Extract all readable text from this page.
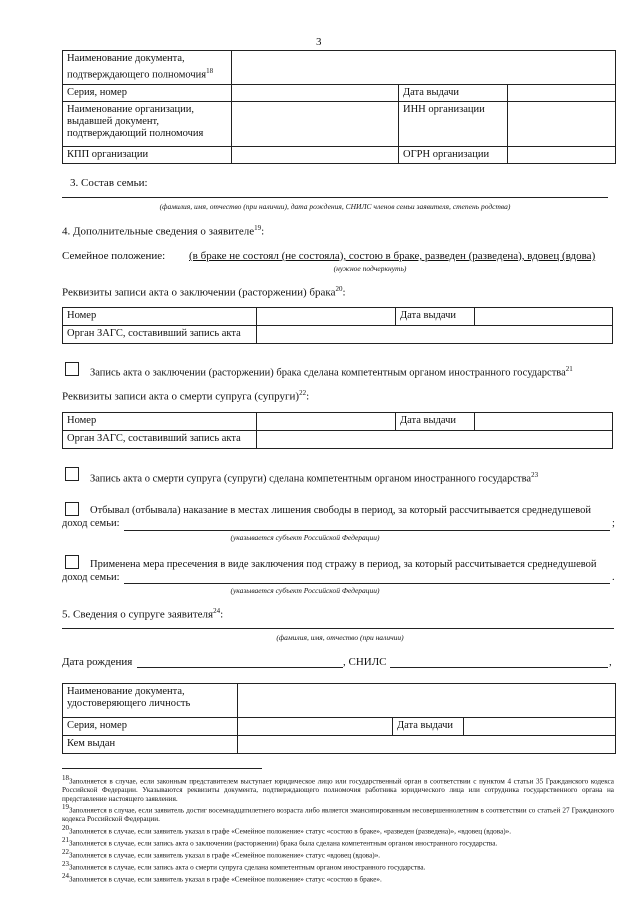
3
Наименование документа, подтверждающего полномочия$^{18}$	
Серия, номер		Дата выдачи	
Наименование организации, выдавшей документ, подтверждающий полномочия		ИНН организации	
КПП организации		ОГРН организации	
3. Состав семьи:
(фамилия, имя, отчество (при наличии), дата рождения, СНИЛС членов семьи заявителя, степень родства)
4. Дополнительные сведения о заявителе$^{19}$:
Семейное положение: (в браке не состоял (не состояла), состою в браке, разведен (разведена), вдовец (вдова)
(нужное подчеркнуть)
Реквизиты записи акта о заключении (расторжении) брака$^{20}$:
Номер		Дата выдачи	
Орган ЗАГС, составивший запись акта			
Запись акта о заключении (расторжении) брака сделана компетентным органом иностранного государства$^{21}$
Реквизиты записи акта о смерти супруга (супруги)$^{22}$:
Номер		Дата выдачи	
Орган ЗАГС, составивший запись акта			
Запись акта о смерти супруга (супруги) сделана компетентным органом иностранного государства$^{23}$
Отбывал (отбывала) наказание в местах лишения свободы в период, за который рассчитывается среднедушевой
доход семьи:	;
(указывается субъект Российской Федерации)
Применена мера пресечения в виде заключения под стражу в период, за который рассчитывается среднедушевой
доход семьи:	.
(указывается субъект Российской Федерации)
5. Сведения о супруге заявителя$^{24}$:
(фамилия, имя, отчество (при наличии)
Дата рождения	, СНИЛС	,
Наименование документа, удостоверяющего личность			
Серия, номер		Дата выдачи	
Кем выдан			
$^{18}$Заполняется в случае, если законным представителем выступает юридическое лицо или государственный орган в соответствии с пунктом 4 статьи 35 Гражданского кодекса Российской Федерации. Указываются реквизиты документа, подтверждающего полномочия работника юридического лица или сотрудника государственного органа на представление настоящего заявления.
$^{19}$Заполняется в случае, если заявитель достиг восемнадцатилетнего возраста либо является эмансипированным несовершеннолетним в соответствии со статьей 27 Гражданского кодекса Российской Федерации.
$^{20}$Заполняется в случае, если заявитель указал в графе «Семейное положение» статус «состою в браке», «разведен (разведена)», «вдовец (вдова)».
$^{21}$Заполняется в случае, если запись акта о заключении (расторжении) брака была сделана компетентным органом иностранного государства.
$^{22}$Заполняется в случае, если заявитель указал в графе «Семейное положение» статус «вдовец (вдова)».
$^{23}$Заполняется в случае, если запись акта о смерти супруга сделана компетентным органом иностранного государства.
$^{24}$Заполняется в случае, если заявитель указал в графе «Семейное положение» статус «состою в браке».
